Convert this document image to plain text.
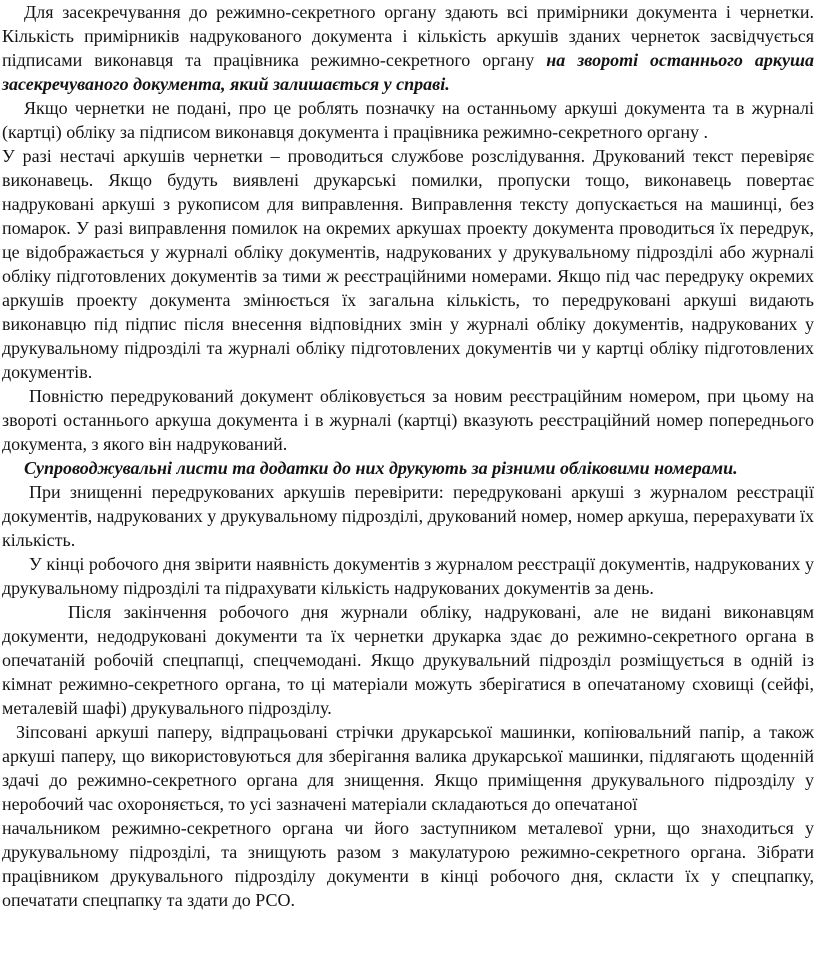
Для засекречування до режимно-секретного органу здають всі примірники документа і чернетки. Кількість примірників надрукованого документа і кількість аркушів зданих чернеток засвідчується підписами виконавця та працівника режимно-секретного органу на звороті останнього аркуша засекречуваного документа, який залишається у справі.

Якщо чернетки не подані, про це роблять позначку на останньому аркуші документа та в журналі (картці) обліку за підписом виконавця документа і працівника режимно-секретного органу .

У разі нестачі аркушів чернетки – проводиться службове розслідування. Друкований текст перевіряє виконавець. Якщо будуть виявлені друкарські помилки, пропуски тощо, виконавець повертає надруковані аркуші з рукописом для виправлення. Виправлення тексту допускається на машинці, без помарок. У разі виправлення помилок на окремих аркушах проекту документа проводиться їх передрук, це відображається у журналі обліку документів, надрукованих у друкувальному підрозділі або журналі обліку підготовлених документів за тими ж реєстраційними номерами. Якщо під час передруку окремих аркушів проекту документа змінюється їх загальна кількість, то передруковані аркуші видають виконавцю під підпис після внесення відповідних змін у журналі обліку документів, надрукованих у друкувальному підрозділі та журналі обліку підготовлених документів чи у картці обліку підготовлених документів.

Повністю передрукований документ обліковується за новим реєстраційним номером, при цьому на звороті останнього аркуша документа і в журналі (картці) вказують реєстраційний номер попереднього документа, з якого він надрукований.

Супроводжувальні листи та додатки до них друкують за різними обліковими номерами.

При знищенні передрукованих аркушів перевірити: передруковані аркуші з журналом реєстрації документів, надрукованих у друкувальному підрозділі, друкований номер, номер аркуша, перерахувати їх кількість.

У кінці робочого дня звірити наявність документів з журналом реєстрації документів, надрукованих у друкувальному підрозділі та підрахувати кількість надрукованих документів за день.

Після закінчення робочого дня журнали обліку, надруковані, але не видані виконавцям документи, недодруковані документи та їх чернетки друкарка здає до режимно-секретного органа в опечатаній робочій спецпапці, спецчемодані. Якщо друкувальний підрозділ розміщується в одній із кімнат режимно-секретного органа, то ці матеріали можуть зберігатися в опечатаному сховищі (сейфі, металевій шафі) друкувального підрозділу.

Зіпсовані аркуші паперу, відпрацьовані стрічки друкарської машинки, копіювальний папір, а також аркуші паперу, що використовуються для зберігання валика друкарської машинки, підлягають щоденній здачі до режимно-секретного органа для знищення. Якщо приміщення друкувального підрозділу у неробочий час охороняється, то усі зазначені матеріали складаються до опечатаної

начальником режимно-секретного органа чи його заступником металевої урни, що знаходиться у друкувальному підрозділі, та знищують разом з макулатурою режимно-секретного органа. Зібрати працівником друкувального підрозділу документи в кінці робочого дня, скласти їх у спецпапку, опечатати спецпапку та здати до РСО.
